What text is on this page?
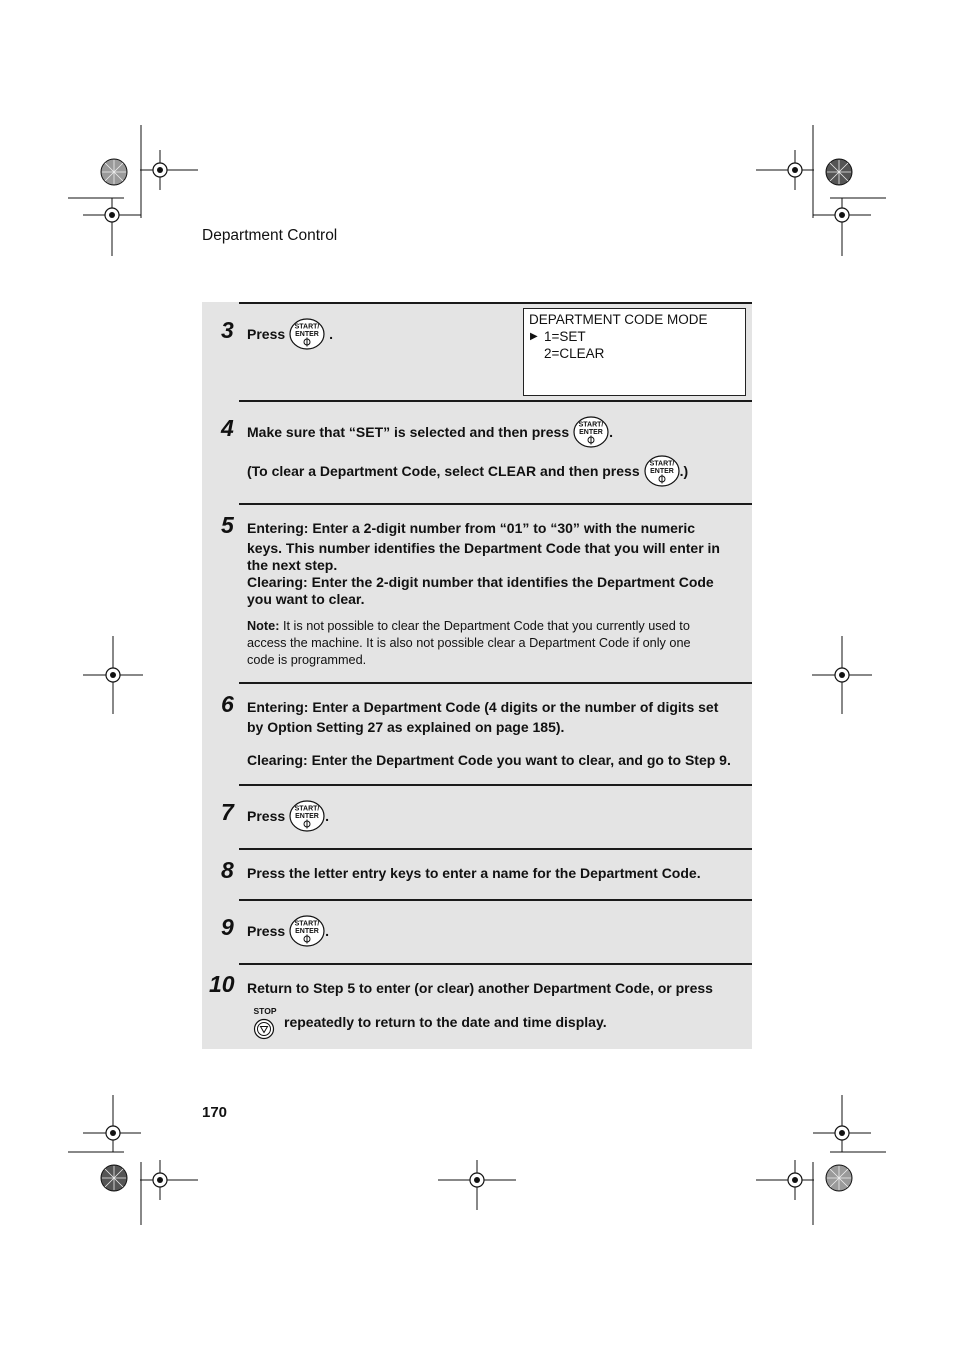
Department Control
DEPARTMENT CODE MODE
▶ 1=SET
2=CLEAR
3 Press START/
ENTER .
4 Make sure that “SET” is selected and then press START/
ENTER .
(To clear a Department Code, select CLEAR and then press START/
ENTER .)
5 Entering: Enter a 2-digit number from “01” to “30” with the numeric
keys. This number identifies the Department Code that you will enter in
the next step.
Clearing: Enter the 2-digit number that identifies the Department Code
you want to clear.
Note: It is not possible to clear the Department Code that you currently used to
access the machine. It is also not possible clear a Department Code if only one
code is programmed.
6 Entering: Enter a Department Code (4 digits or the number of digits set
by Option Setting 27 as explained on page 185).
Clearing: Enter the Department Code you want to clear, and go to Step 9.
7 Press START/
ENTER .
8 Press the letter entry keys to enter a name for the Department Code.
9 Press START/
ENTER .
10 Return to Step 5 to enter (or clear) another Department Code, or press
STOP
repeatedly to return to the date and time display.
170
